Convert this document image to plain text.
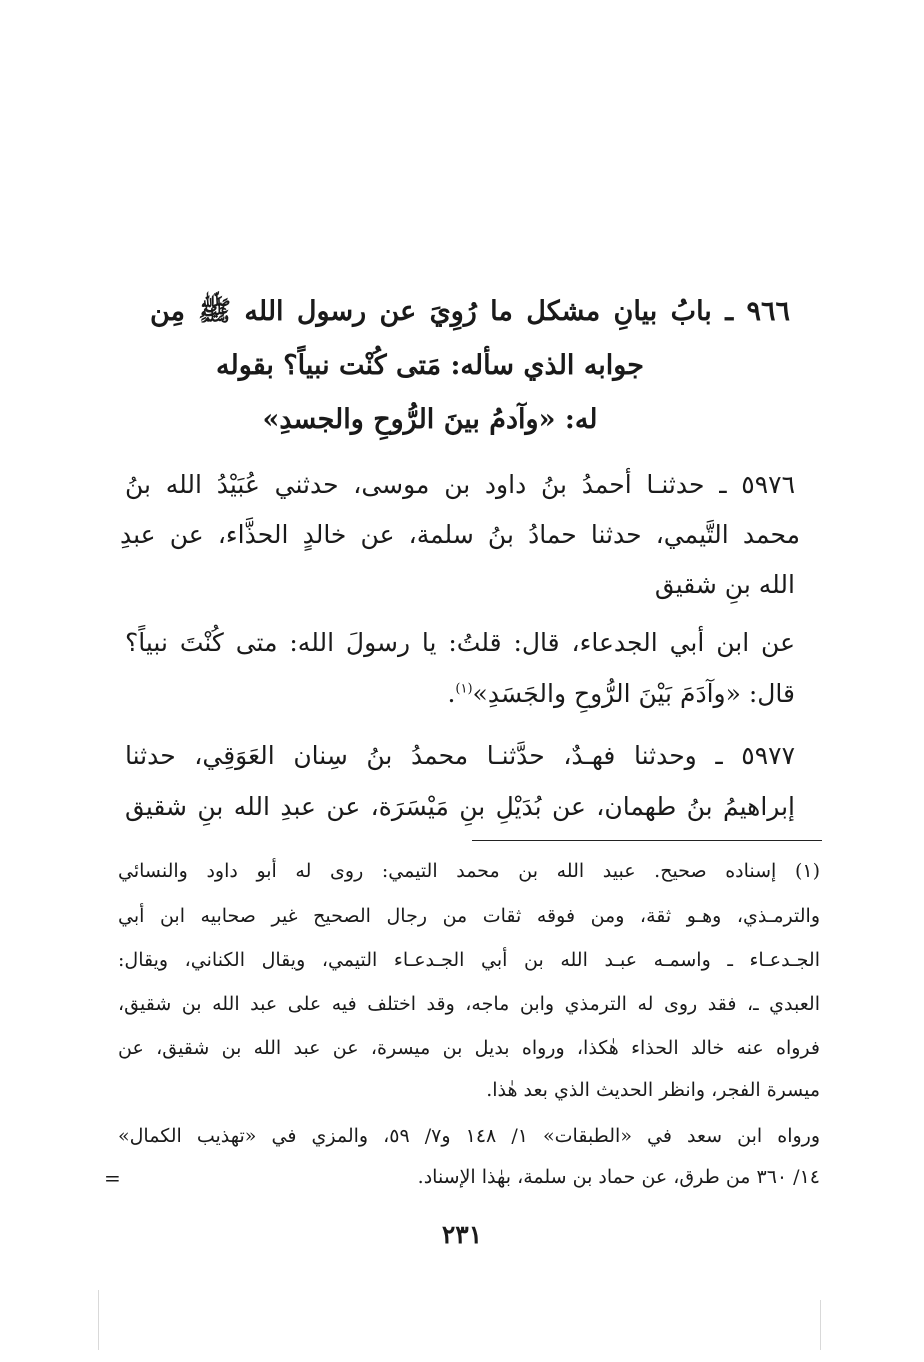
٩٦٦ ـ بابُ بيانِ مشكل ما رُوِيَ عن رسول الله ﷺ مِن
جوابه الذي سأله: مَتى كُنْت نبياً؟ بقوله
له: «وآدمُ بينَ الرُّوحِ والجسدِ»
٥٩٧٦ ـ حدثنـا أحمدُ بنُ داود بن موسى، حدثني عُبَيْدُ الله بنُ
محمد التَّيمي، حدثنا حمادُ بنُ سلمة، عن خالدٍ الحذَّاء، عن عبدِ
الله بنِ شقيق
عن ابن أبي الجدعاء، قال: قلتُ: يا رسولَ الله: متى كُنْتَ نبياً؟
قال: «وآدَمَ بَيْنَ الرُّوحِ والجَسَدِ»$^{(١)}$.
٥٩٧٧ ـ وحدثنا فهـدٌ، حدَّثنـا محمدُ بنُ سِنان العَوَقِي، حدثنا
إبراهيمُ بنُ طهمان، عن بُدَيْلِ بنِ مَيْسَرَة، عن عبدِ الله بنِ شقيق
(١) إسناده صحيح. عبيد الله بن محمد التيمي: روى له أبو داود والنسائي
والترمـذي، وهـو ثقة، ومن فوقه ثقات من رجال الصحيح غير صحابيه ابن أبي
الجـدعـاء ـ واسمـه عبـد الله بن أبي الجـدعـاء التيمي، ويقال الكناني، ويقال:
العبدي ـ، فقد روى له الترمذي وابن ماجه، وقد اختلف فيه على عبد الله بن شقيق،
فرواه عنه خالد الحذاء هٰكذا، ورواه بديل بن ميسرة، عن عبد الله بن شقيق، عن
ميسرة الفجر، وانظر الحديث الذي بعد هٰذا.
ورواه ابن سعد في «الطبقات» ١/ ١٤٨ و٧/ ٥٩، والمزي في «تهذيب الكمال»
١٤/ ٣٦٠ من طرق، عن حماد بن سلمة، بهٰذا الإسناد.
=
٢٣١
